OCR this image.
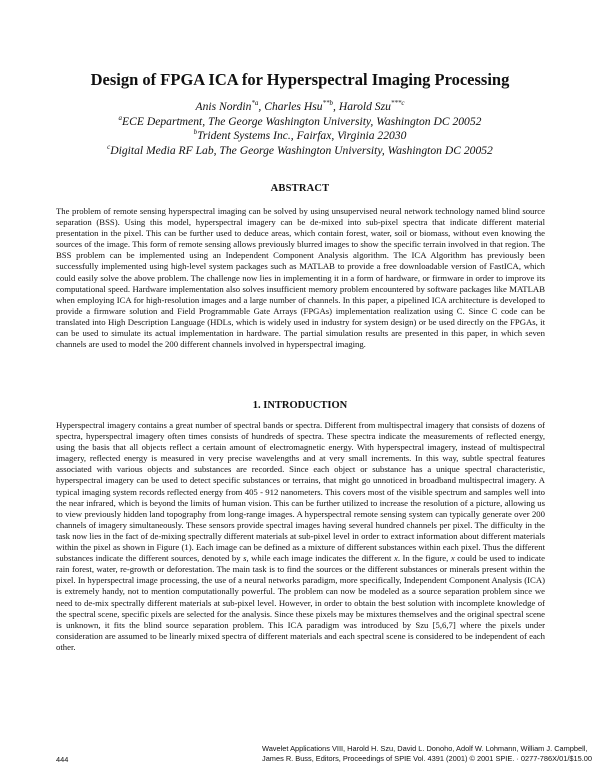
Design of FPGA ICA for Hyperspectral Imaging Processing
Anis Nordin$^{*a}$, Charles Hsu$^{**b}$, Harold Szu$^{***c}$
$^a$ECE Department, The George Washington University, Washington DC 20052
$^b$Trident Systems Inc., Fairfax, Virginia 22030
$^c$Digital Media RF Lab, The George Washington University, Washington DC 20052
ABSTRACT

The problem of remote sensing hyperspectral imaging can be solved by using unsupervised neural network technology named blind source separation (BSS). Using this model, hyperspectral imagery can be de-mixed into sub-pixel spectra that indicate different material presentation in the pixel. This can be further used to deduce areas, which contain forest, water, soil or biomass, without even knowing the sources of the image. This form of remote sensing allows previously blurred images to show the specific terrain involved in that region. The BSS problem can be implemented using an Independent Component Analysis algorithm. The ICA Algorithm has previously been successfully implemented using high-level system packages such as MATLAB to provide a free downloadable version of FastICA, which could easily solve the above problem. The challenge now lies in implementing it in a form of hardware, or firmware in order to improve its computational speed. Hardware implementation also solves insufficient memory problem encountered by software packages like MATLAB when employing ICA for high-resolution images and a large number of channels. In this paper, a pipelined ICA architecture is developed to provide a firmware solution and Field Programmable Gate Arrays (FPGAs) implementation realization using C. Since C code can be translated into High Description Language (HDLs, which is widely used in industry for system design) or be used directly on the FPGAs, it can be used to simulate its actual implementation in hardware. The partial simulation results are presented in this paper, in which seven channels are used to model the 200 different channels involved in hyperspectral imaging.

1. INTRODUCTION

Hyperspectral imagery contains a great number of spectral bands or spectra. Different from multispectral imagery that consists of dozens of spectra, hyperspectral imagery often times consists of hundreds of spectra. These spectra indicate the measurements of reflected energy, using the basis that all objects reflect a certain amount of electromagnetic energy. With hyperspectral imagery, instead of multispectral imagery, reflected energy is measured in very precise wavelengths and at very small increments. In this way, subtle spectral features associated with various objects and substances are recorded. Since each object or substance has a unique spectral characteristic, hyperspectral imagery can be used to detect specific substances or terrains, that might go unnoticed in broadband multispectral imagery. A typical imaging system records reflected energy from 405 - 912 nanometers. This covers most of the visible spectrum and samples well into the near infrared, which is beyond the limits of human vision. This can be further utilized to increase the resolution of a picture, allowing us to view previously hidden land topography from long-range images. A hyperspectral remote sensing system can typically generate over 200 channels of imagery simultaneously. These sensors provide spectral images having several hundred channels per pixel. The difficulty in the task now lies in the fact of de-mixing spectrally different materials at sub-pixel level in order to extract information about different materials within the pixel as shown in Figure (1). Each image can be defined as a mixture of different substances within each pixel. Thus the different substances indicate the different sources, denoted by s, while each image indicates the different x. In the figure, x could be used to indicate rain forest, water, re-growth or deforestation. The main task is to find the sources or the different substances or minerals present within the pixel. In hyperspectral image processing, the use of a neural networks paradigm, more specifically, Independent Component Analysis (ICA) is extremely handy, not to mention computationally powerful. The problem can now be modeled as a source separation problem since we need to de-mix spectrally different materials at sub-pixel level. However, in order to obtain the best solution with incomplete knowledge of the spectral scene, specific pixels are selected for the analysis. Since these pixels may be mixtures themselves and the original spectral scene is unknown, it fits the blind source separation problem. This ICA paradigm was introduced by Szu [5,6,7] where the pixels under consideration are assumed to be linearly mixed spectra of different materials and each spectral scene is considered to be independent of each other.

444
Wavelet Applications VIII, Harold H. Szu, David L. Donoho, Adolf W. Lohmann, William J. Campbell,
James R. Buss, Editors, Proceedings of SPIE Vol. 4391 (2001) © 2001 SPIE. · 0277-786X/01/$15.00
